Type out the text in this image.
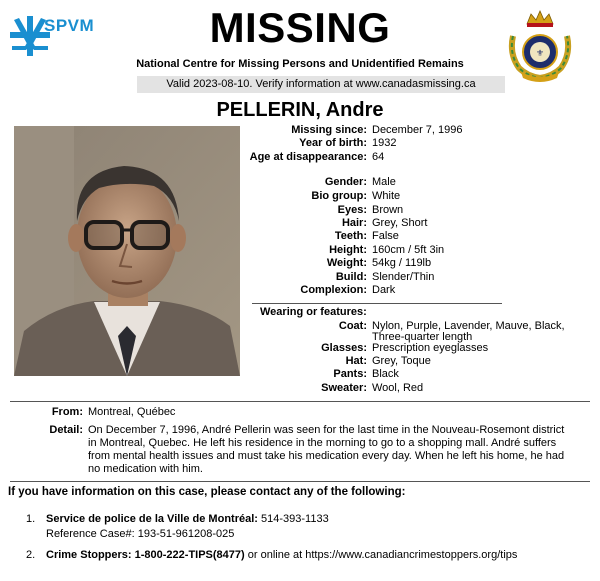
SPVM	MISSING
National Centre for Missing Persons and Unidentified Remains
Valid 2023-08-10. Verify information at www.canadasmissing.ca
⚜
PELLERIN, Andre
Missing since: December 7, 1996
Year of birth: 1932
Age at disappearance: 64
Gender: Male
Bio group: White
Eyes: Brown
Hair: Grey, Short
Teeth: False
Height: 160cm / 5ft 3in
Weight: 54kg / 119lb
Build: Slender/Thin
Complexion: Dark
Wearing or features:
Coat: Nylon, Purple, Lavender, Mauve, Black,
Three-quarter length
Glasses: Prescription eyeglasses
Hat: Grey, Toque
Pants: Black
Sweater: Wool, Red
From: Montreal, Québec
Detail: On December 7, 1996, André Pellerin was seen for the last time in the Nouveau-Rosemont district
in Montreal, Quebec. He left his residence in the morning to go to a shopping mall. André suffers
from mental health issues and must take his medication every day. When he left his home, he had
no medication with him.
If you have information on this case, please contact any of the following:
1. Service de police de la Ville de Montréal: 514-393-1133
Reference Case#: 193-51-961208-025
2. Crime Stoppers: 1-800-222-TIPS(8477) or online at https://www.canadiancrimestoppers.org/tips
